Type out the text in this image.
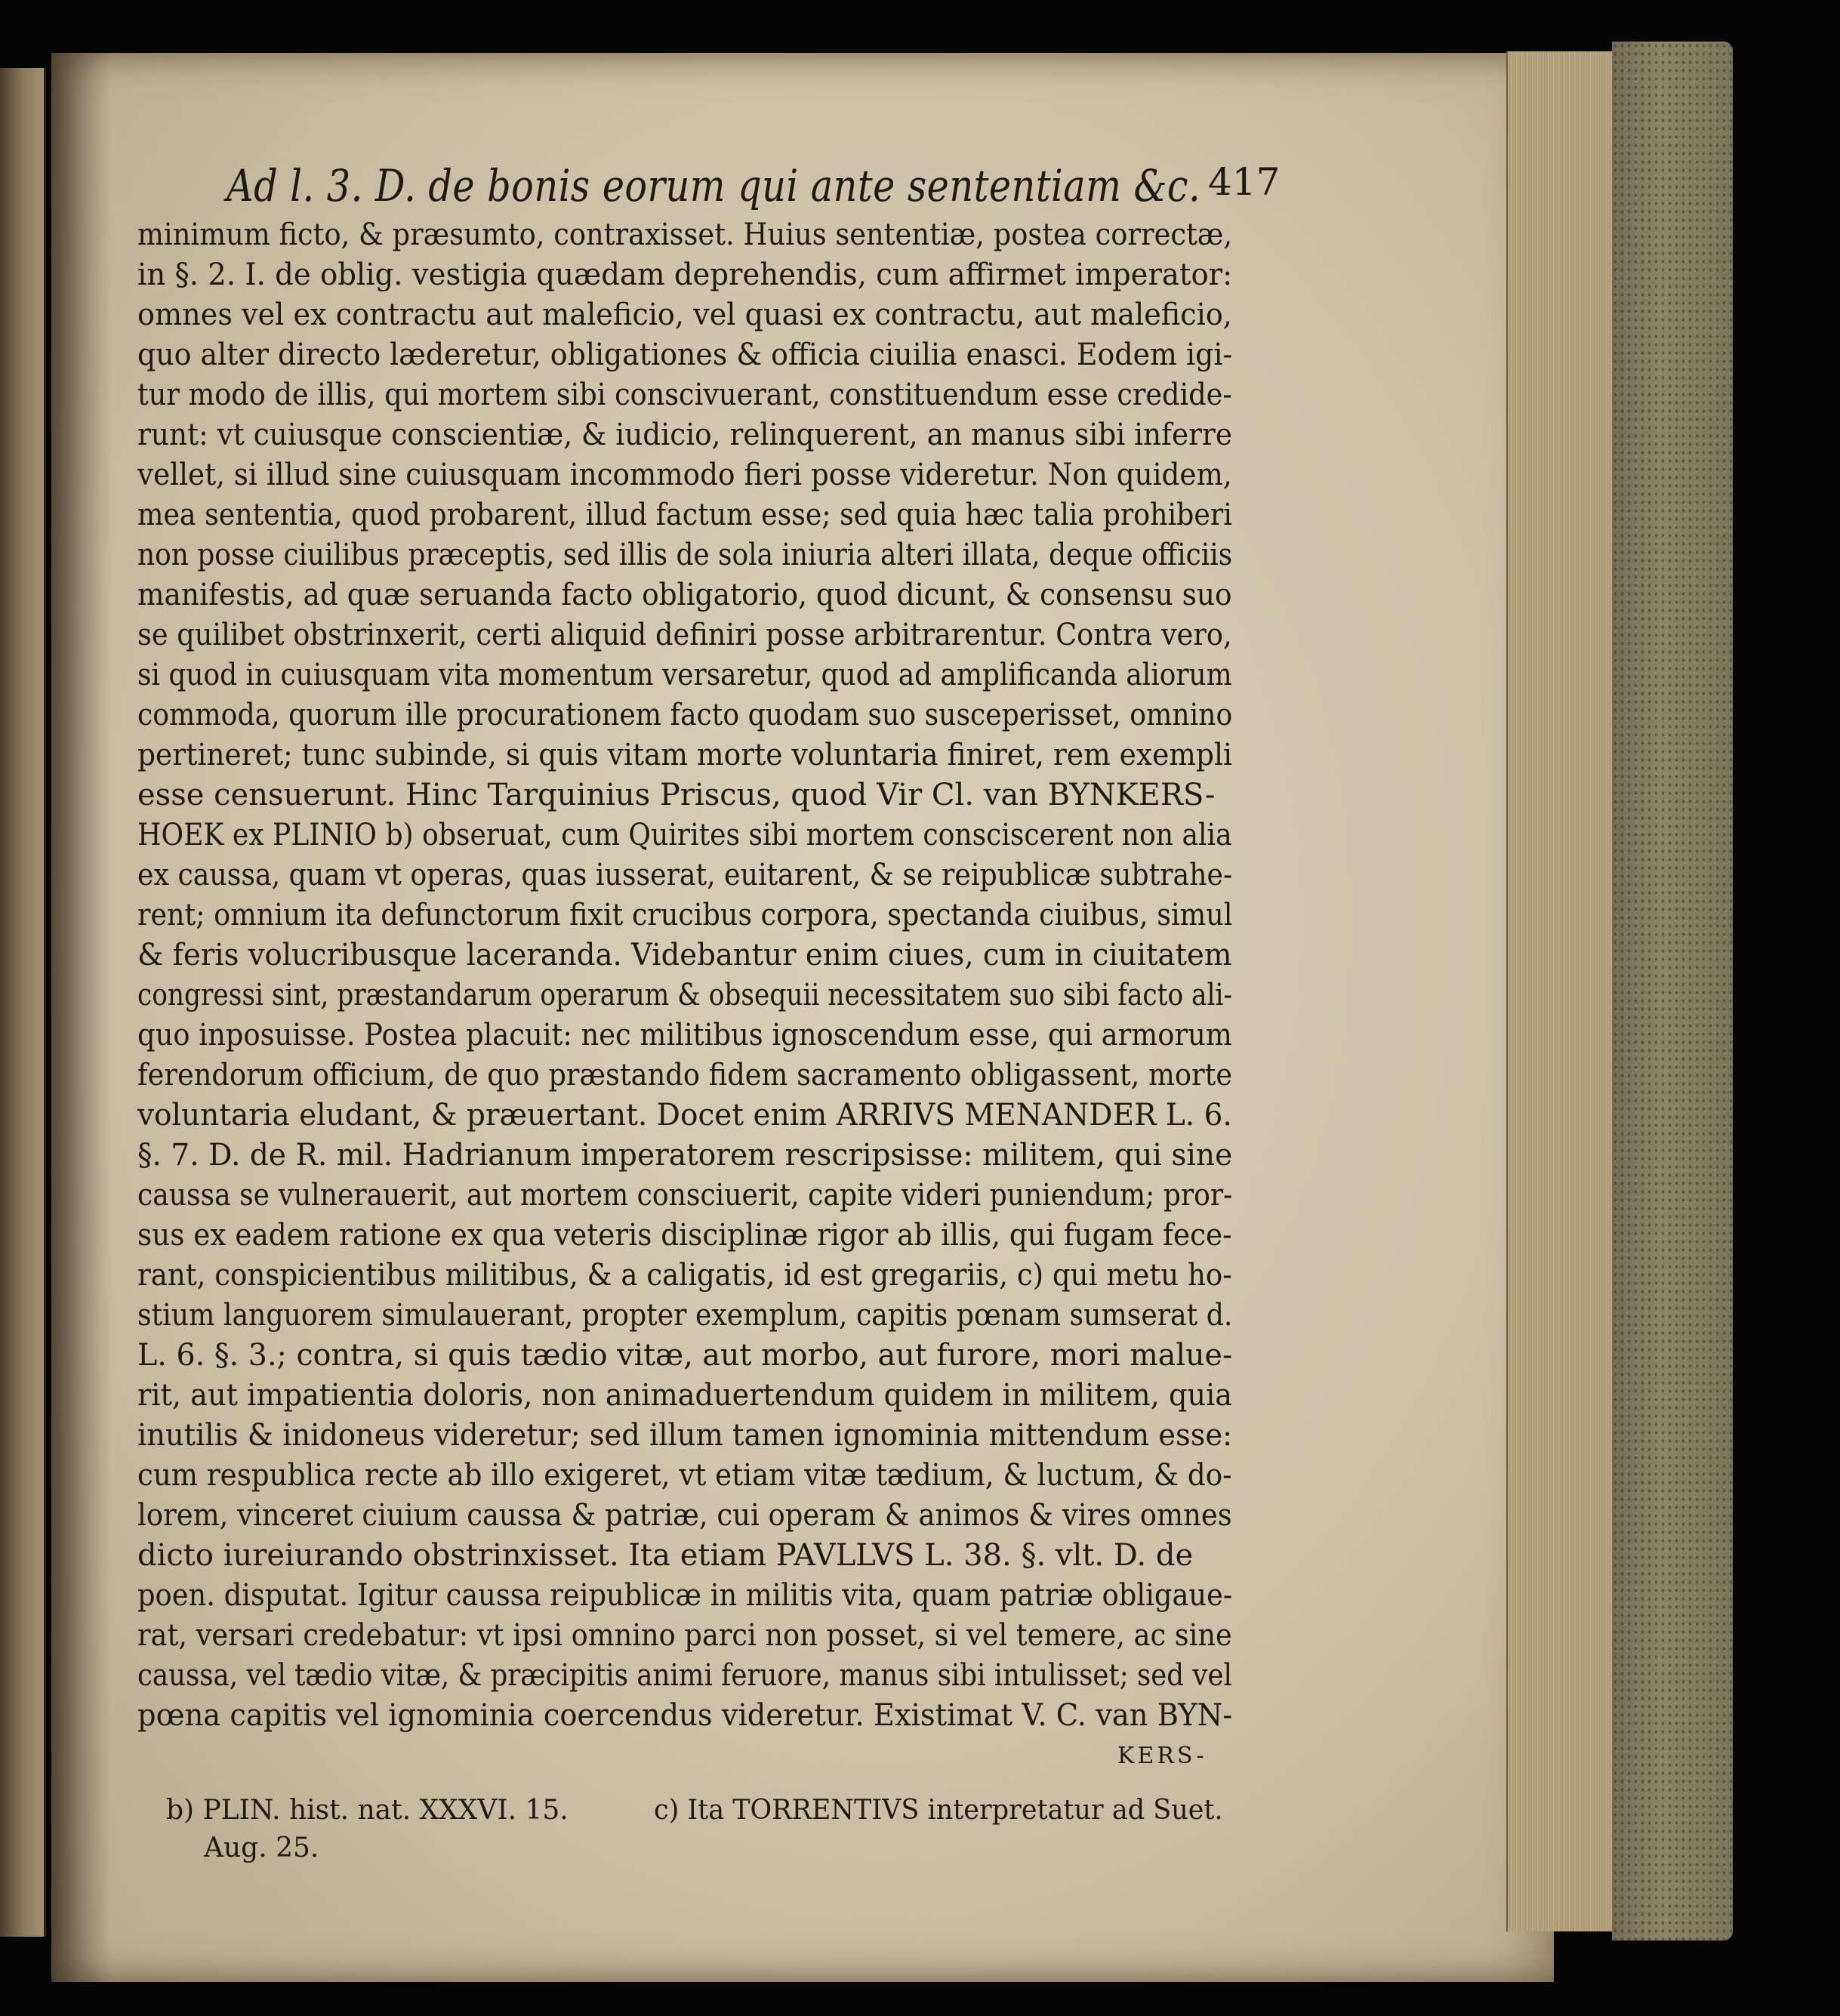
Ad l. 3. D. de bonis eorum qui ante sententiam &c. 417
minimum ficto, & præsumto, contraxisset. Huius sententiæ, postea correctæ,
in §. 2. I. de oblig. vestigia quædam deprehendis, cum affirmet imperator:
omnes vel ex contractu aut maleficio, vel quasi ex contractu, aut maleficio,
quo alter directo læderetur, obligationes & officia ciuilia enasci. Eodem igi-
tur modo de illis, qui mortem sibi conscivuerant, constituendum esse credide-
runt: vt cuiusque conscientiæ, & iudicio, relinquerent, an manus sibi inferre
vellet, si illud sine cuiusquam incommodo fieri posse videretur. Non quidem,
mea sententia, quod probarent, illud factum esse; sed quia hæc talia prohiberi
non posse ciuilibus præceptis, sed illis de sola iniuria alteri illata, deque officiis
manifestis, ad quæ seruanda facto obligatorio, quod dicunt, & consensu suo
se quilibet obstrinxerit, certi aliquid definiri posse arbitrarentur. Contra vero,
si quod in cuiusquam vita momentum versaretur, quod ad amplificanda aliorum
commoda, quorum ille procurationem facto quodam suo susceperisset, omnino
pertineret; tunc subinde, si quis vitam morte voluntaria finiret, rem exempli
esse censuerunt. Hinc Tarquinius Priscus, quod Vir Cl. van BYNKERS-
HOEK ex PLINIO b) obseruat, cum Quirites sibi mortem consciscerent non alia
ex caussa, quam vt operas, quas iusserat, euitarent, & se reipublicæ subtrahe-
rent; omnium ita defunctorum fixit crucibus corpora, spectanda ciuibus, simul
& feris volucribusque laceranda. Videbantur enim ciues, cum in ciuitatem
congressi sint, præstandarum operarum & obsequii necessitatem suo sibi facto ali-
quo inposuisse. Postea placuit: nec militibus ignoscendum esse, qui armorum
ferendorum officium, de quo præstando fidem sacramento obligassent, morte
voluntaria eludant, & præuertant. Docet enim ARRIVS MENANDER L. 6.
§. 7. D. de R. mil. Hadrianum imperatorem rescripsisse: militem, qui sine
caussa se vulnerauerit, aut mortem consciuerit, capite videri puniendum; pror-
sus ex eadem ratione ex qua veteris disciplinæ rigor ab illis, qui fugam fece-
rant, conspicientibus militibus, & a caligatis, id est gregariis, c) qui metu ho-
stium languorem simulauerant, propter exemplum, capitis pœnam sumserat d.
L. 6. §. 3.; contra, si quis tædio vitæ, aut morbo, aut furore, mori malue-
rit, aut impatientia doloris, non animaduertendum quidem in militem, quia
inutilis & inidoneus videretur; sed illum tamen ignominia mittendum esse:
cum respublica recte ab illo exigeret, vt etiam vitæ tædium, & luctum, & do-
lorem, vinceret ciuium caussa & patriæ, cui operam & animos & vires omnes
dicto iureiurando obstrinxisset. Ita etiam PAVLLVS L. 38. §. vlt. D. de
poen. disputat. Igitur caussa reipublicæ in militis vita, quam patriæ obligaue-
rat, versari credebatur: vt ipsi omnino parci non posset, si vel temere, ac sine
caussa, vel tædio vitæ, & præcipitis animi feruore, manus sibi intulisset; sed vel
pœna capitis vel ignominia coercendus videretur. Existimat V. C. van BYN-
KERS-
b) PLIN. hist. nat. XXXVI. 15.
Aug. 25.
c) Ita TORRENTIVS interpretatur ad Suet.
